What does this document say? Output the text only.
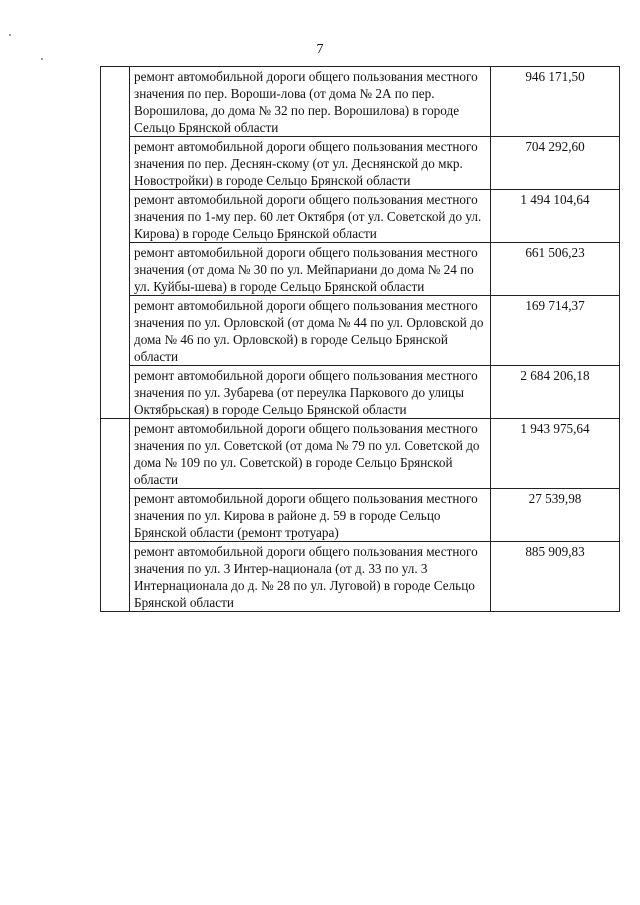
7
	ремонт автомобильной дороги общего пользования местного значения по пер. Вороши-лова (от дома № 2А по пер. Ворошилова, до дома № 32 по пер. Ворошилова) в городе Сельцо Брянской области	946 171,50
	ремонт автомобильной дороги общего пользования местного значения по пер. Деснян-скому (от ул. Деснянской до мкр. Новостройки) в городе Сельцо Брянской области	704 292,60
	ремонт автомобильной дороги общего пользования местного значения по 1-му пер. 60 лет Октября (от ул. Советской до ул. Кирова) в городе Сельцо Брянской области	1 494 104,64
	ремонт автомобильной дороги общего пользования местного значения (от дома № 30 по ул. Мейпариани до дома № 24 по ул. Куйбы-шева) в городе Сельцо Брянской области	661 506,23
	ремонт автомобильной дороги общего пользования местного значения по ул. Орловской (от дома № 44 по ул. Орловской до дома № 46 по ул. Орловской) в городе Сельцо Брянской области	169 714,37
	ремонт автомобильной дороги общего пользования местного значения по ул. Зубарева (от переулка Паркового до улицы Октябрьская) в городе Сельцо Брянской области	2 684 206,18
	ремонт автомобильной дороги общего пользования местного значения по ул. Советской (от дома № 79 по ул. Советской до дома № 109 по ул. Советской) в городе Сельцо Брянской области	1 943 975,64
	ремонт автомобильной дороги общего пользования местного значения по ул. Кирова в районе д. 59 в городе Сельцо Брянской области (ремонт тротуара)	27 539,98
	ремонт автомобильной дороги общего пользования местного значения по ул. 3 Интер-национала (от д. 33 по ул. 3 Интернационала до д. № 28 по ул. Луговой) в городе Сельцо Брянской области	885 909,83
